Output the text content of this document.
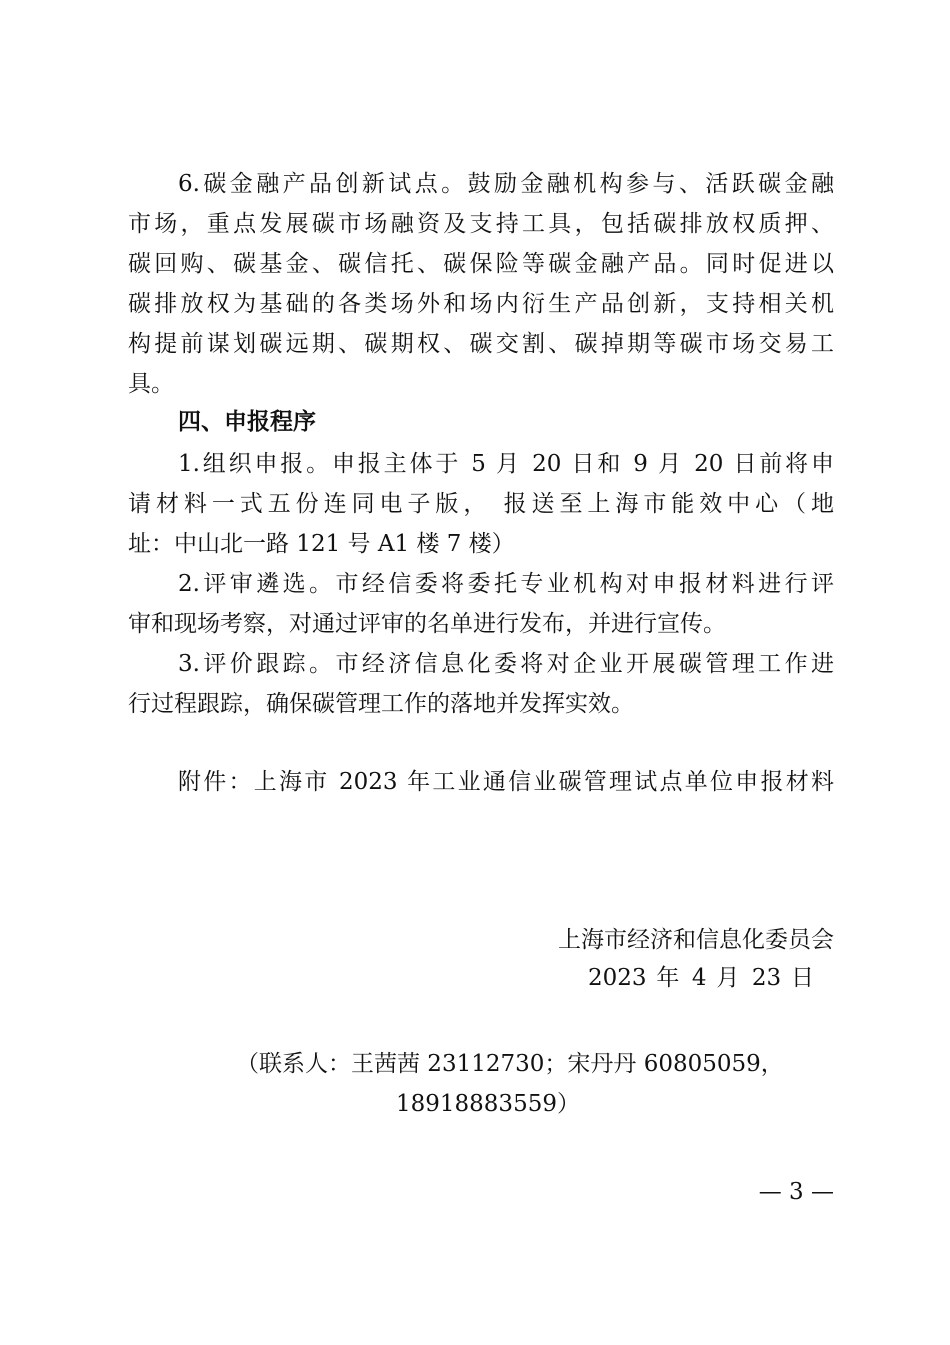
6.碳金融产品创新试点。鼓励金融机构参与、活跃碳金融
市场，重点发展碳市场融资及支持工具，包括碳排放权质押、
碳回购、碳基金、碳信托、碳保险等碳金融产品。同时促进以
碳排放权为基础的各类场外和场内衍生产品创新，支持相关机
构提前谋划碳远期、碳期权、碳交割、碳掉期等碳市场交易工
具。
四、申报程序
1.组织申报。申报主体于 5 月 20 日和 9 月 20 日前将申
请材料一式五份连同电子版， 报送至上海市能效中心（地
址：中山北一路 121 号 A1 楼 7 楼）
2.评审遴选。市经信委将委托专业机构对申报材料进行评
审和现场考察，对通过评审的名单进行发布，并进行宣传。
3.评价跟踪。市经济信息化委将对企业开展碳管理工作进
行过程跟踪，确保碳管理工作的落地并发挥实效。
附件：上海市 2023 年工业通信业碳管理试点单位申报材料
上海市经济和信息化委员会
2023 年 4 月 23 日
（联系人：王茜茜 23112730；宋丹丹 60805059，
18918883559）
— 3 —
